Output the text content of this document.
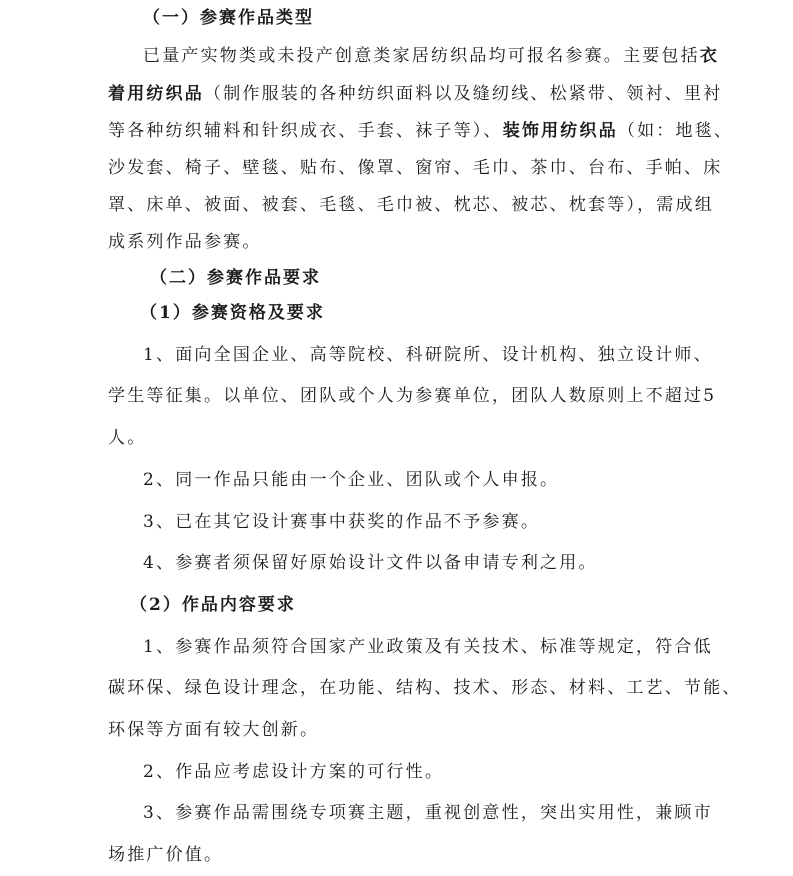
（一）参赛作品类型
已量产实物类或未投产创意类家居纺织品均可报名参赛。主要包括衣
着用纺织品（制作服装的各种纺织面料以及缝纫线、松紧带、领衬、里衬
等各种纺织辅料和针织成衣、手套、袜子等）、装饰用纺织品（如：地毯、
沙发套、椅子、壁毯、贴布、像罩、窗帘、毛巾、茶巾、台布、手帕、床
罩、床单、被面、被套、毛毯、毛巾被、枕芯、被芯、枕套等），需成组
成系列作品参赛。
（二）参赛作品要求
（1）参赛资格及要求
1、面向全国企业、高等院校、科研院所、设计机构、独立设计师、
学生等征集。以单位、团队或个人为参赛单位，团队人数原则上不超过5
人。
2、同一作品只能由一个企业、团队或个人申报。
3、已在其它设计赛事中获奖的作品不予参赛。
4、参赛者须保留好原始设计文件以备申请专利之用。
（2）作品内容要求
1、参赛作品须符合国家产业政策及有关技术、标准等规定，符合低
碳环保、绿色设计理念，在功能、结构、技术、形态、材料、工艺、节能、
环保等方面有较大创新。
2、作品应考虑设计方案的可行性。
3、参赛作品需围绕专项赛主题，重视创意性，突出实用性，兼顾市
场推广价值。
